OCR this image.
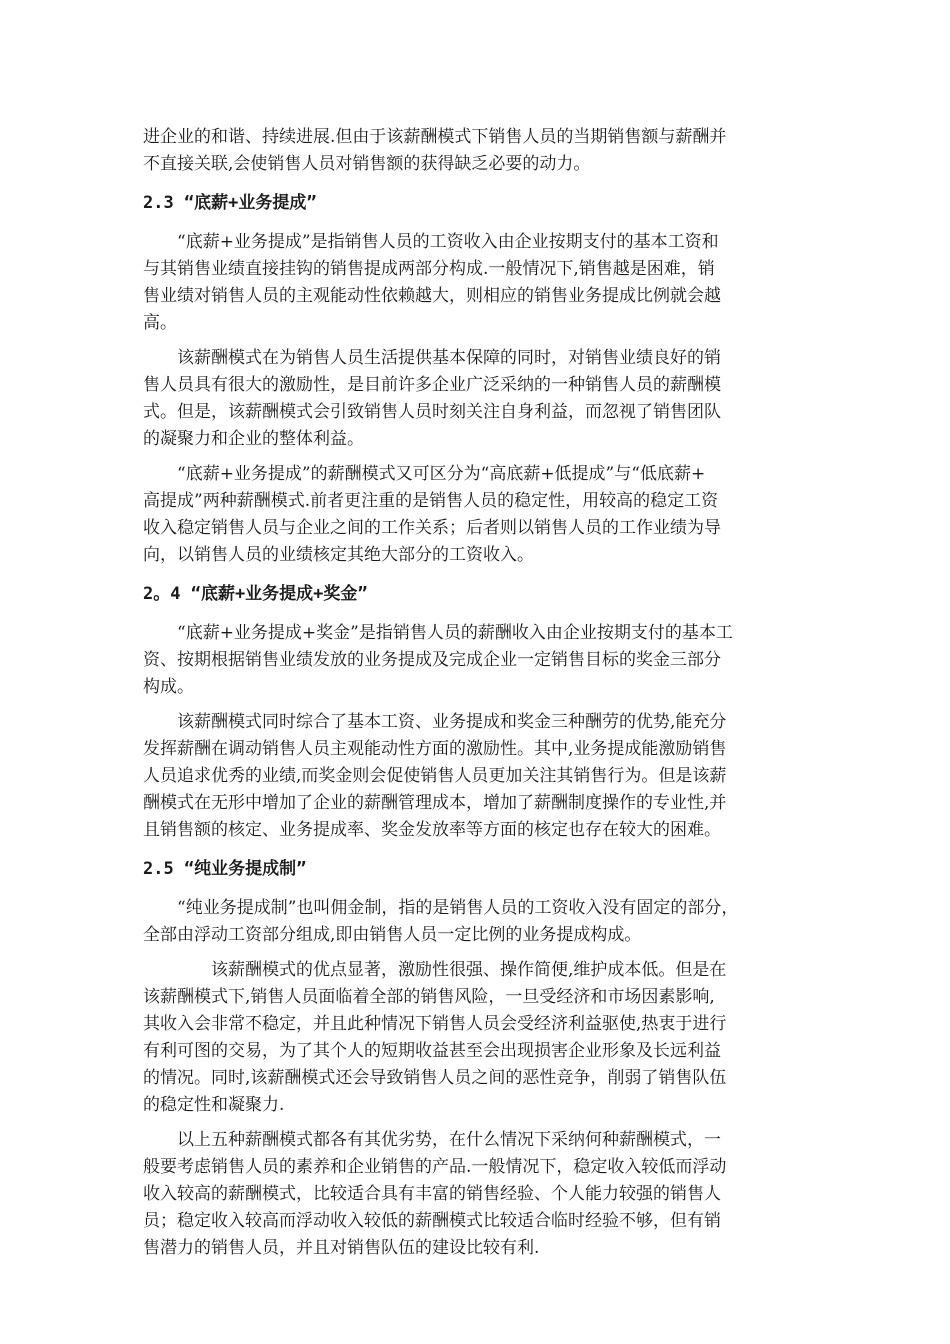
进企业的和谐、持续进展.但由于该薪酬模式下销售人员的当期销售额与薪酬并
不直接关联,会使销售人员对销售额的获得缺乏必要的动力。
2.3 “底薪+业务提成”
　　“底薪+业务提成”是指销售人员的工资收入由企业按期支付的基本工资和
与其销售业绩直接挂钩的销售提成两部分构成.一般情况下,销售越是困难，销
售业绩对销售人员的主观能动性依赖越大，则相应的销售业务提成比例就会越
高。
　　该薪酬模式在为销售人员生活提供基本保障的同时，对销售业绩良好的销
售人员具有很大的激励性，是目前许多企业广泛采纳的一种销售人员的薪酬模
式。但是，该薪酬模式会引致销售人员时刻关注自身利益，而忽视了销售团队
的凝聚力和企业的整体利益。
　　“底薪+业务提成”的薪酬模式又可区分为“高底薪+低提成”与“低底薪+
高提成”两种薪酬模式.前者更注重的是销售人员的稳定性，用较高的稳定工资
收入稳定销售人员与企业之间的工作关系；后者则以销售人员的工作业绩为导
向，以销售人员的业绩核定其绝大部分的工资收入。
2。4 “底薪+业务提成+奖金”
　　“底薪+业务提成+奖金”是指销售人员的薪酬收入由企业按期支付的基本工
资、按期根据销售业绩发放的业务提成及完成企业一定销售目标的奖金三部分
构成。
　　该薪酬模式同时综合了基本工资、业务提成和奖金三种酬劳的优势,能充分
发挥薪酬在调动销售人员主观能动性方面的激励性。其中,业务提成能激励销售
人员追求优秀的业绩,而奖金则会促使销售人员更加关注其销售行为。但是该薪
酬模式在无形中增加了企业的薪酬管理成本，增加了薪酬制度操作的专业性,并
且销售额的核定、业务提成率、奖金发放率等方面的核定也存在较大的困难。
2.5 “纯业务提成制”
　　“纯业务提成制”也叫佣金制，指的是销售人员的工资收入没有固定的部分，
全部由浮动工资部分组成,即由销售人员一定比例的业务提成构成。
　　　　该薪酬模式的优点显著，激励性很强、操作简便,维护成本低。但是在
该薪酬模式下,销售人员面临着全部的销售风险，一旦受经济和市场因素影响,
其收入会非常不稳定，并且此种情况下销售人员会受经济利益驱使,热衷于进行
有利可图的交易，为了其个人的短期收益甚至会出现损害企业形象及长远利益
的情况。同时,该薪酬模式还会导致销售人员之间的恶性竞争，削弱了销售队伍
的稳定性和凝聚力.
　　以上五种薪酬模式都各有其优劣势，在什么情况下采纳何种薪酬模式，一
般要考虑销售人员的素养和企业销售的产品.一般情况下，稳定收入较低而浮动
收入较高的薪酬模式，比较适合具有丰富的销售经验、个人能力较强的销售人
员；稳定收入较高而浮动收入较低的薪酬模式比较适合临时经验不够，但有销
售潜力的销售人员，并且对销售队伍的建设比较有利.
